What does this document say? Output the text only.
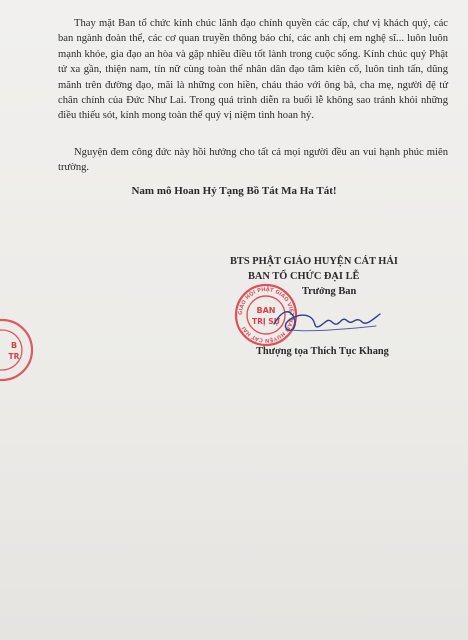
Thay mặt Ban tổ chức kính chúc lãnh đạo chính quyền các cấp, chư vị khách quý, các ban ngành đoàn thể, các cơ quan truyền thông báo chí, các anh chị em nghệ sĩ... luôn luôn mạnh khỏe, gia đạo an hòa và gặp nhiều điều tốt lành trong cuộc sống. Kính chúc quý Phật tử xa gần, thiện nam, tín nữ cùng toàn thể nhân dân đạo tâm kiên cố, luôn tinh tấn, dũng mãnh trên đường đạo, mãi là những con hiền, cháu thảo với ông bà, cha mẹ, người đệ tử chân chính của Đức Như Lai. Trong quá trình diễn ra buổi lễ không sao tránh khỏi những điều thiếu sót, kính mong toàn thể quý vị niệm tình hoan hỷ.

Nguyện đem công đức này hồi hướng cho tất cả mọi người đều an vui hạnh phúc miên trường.

Nam mô Hoan Hỷ Tạng Bồ Tát Ma Ha Tát!
BTS PHẬT GIÁO HUYỆN CÁT HẢI
BAN TỔ CHỨC ĐẠI LỄ
Trưởng Ban
GIÁO HỘI PHẬT GIÁO VIỆT NAM HUYỆN CÁT HẢI
BAN
TRỊ SỰ
Thượng tọa Thích Tục Khang
B
TR
